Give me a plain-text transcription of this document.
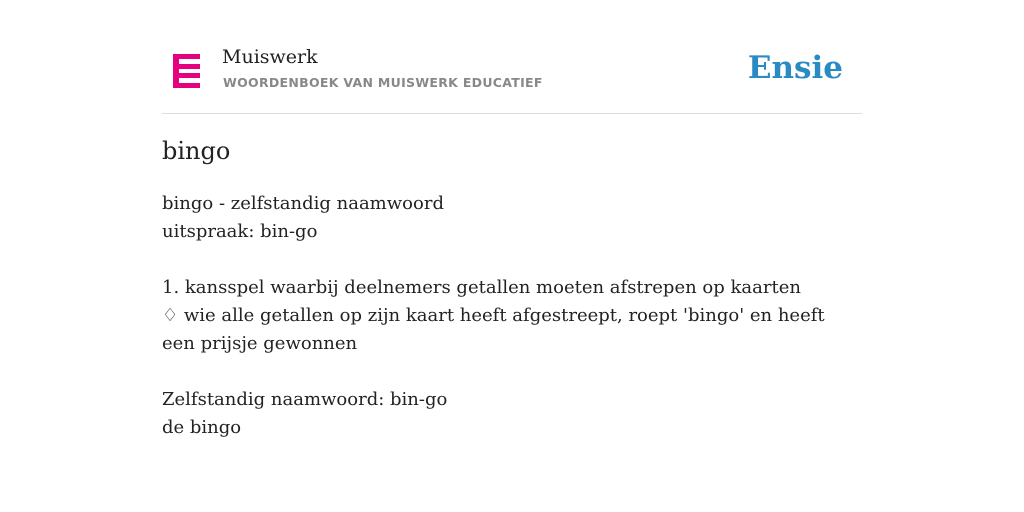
Muiswerk
WOORDENBOEK VAN MUISWERK EDUCATIEF	Ensie
bingo
bingo - zelfstandig naamwoord
uitspraak: bin-go
1. kansspel waarbij deelnemers getallen moeten afstrepen op kaarten
♢ wie alle getallen op zijn kaart heeft afgestreept, roept 'bingo' en heeft een prijsje gewonnen
Zelfstandig naamwoord: bin-go
de bingo
